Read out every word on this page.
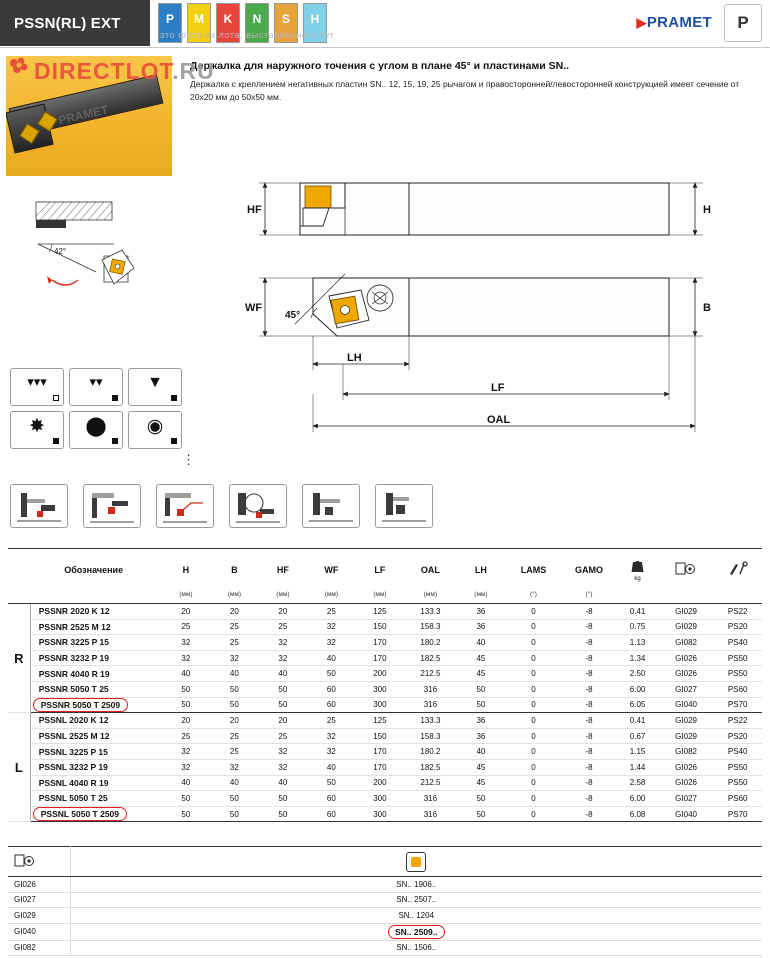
PSSN(RL) EXT	P	M	K	N	S	H	▶PRAMET	P
это фото из лота, выставленного тут
PRAMET
DIRECTLOT.RU
Держалка для наружного точения с углом в плане 45° и пластинами SN..

Держалка с креплением негативных пластин SN.. 12, 15, 19, 25 рычагом и правосторонней/левосторонней конструкцией имеет сечение от 20x20 мм до 50x50 мм.

42°
▾▾▾	▾▾	▼
✸	⬤	◉
⋮
HF	H
45°
WF	B
LH
LF
OAL
	Обозначение	H	B	HF	WF	LF	OAL	LH	LAMS	GAMO	kg

		(мм)	(мм)	(мм)	(мм)	(мм)	(мм)	(мм)	(°)	(°)			
R	PSSNR 2020 K 12	20	20	20	25	125	133.3	36	0	-8	0.41	GI029	PS22
	PSSNR 2525 M 12	25	25	25	32	150	158.3	36	0	-8	0.75	GI029	PS20
	PSSNR 3225 P 15	32	25	32	32	170	180.2	40	0	-8	1.13	GI082	PS40
	PSSNR 3232 P 19	32	32	32	40	170	182.5	45	0	-8	1.34	GI026	PS50
	PSSNR 4040 R 19	40	40	40	50	200	212.5	45	0	-8	2.50	GI026	PS50
	PSSNR 5050 T 25	50	50	50	60	300	316	50	0	-8	6.00	GI027	PS60
	PSSNR 5050 T 2509	50	50	50	60	300	316	50	0	-8	6.05	GI040	PS70
L	PSSNL 2020 K 12	20	20	20	25	125	133.3	36	0	-8	0.41	GI029	PS22
	PSSNL 2525 M 12	25	25	25	32	150	158.3	36	0	-8	0.67	GI029	PS20
	PSSNL 3225 P 15	32	25	32	32	170	180.2	40	0	-8	1.15	GI082	PS40
	PSSNL 3232 P 19	32	32	32	40	170	182.5	45	0	-8	1.44	GI026	PS50
	PSSNL 4040 R 19	40	40	40	50	200	212.5	45	0	-8	2.58	GI026	PS50
	PSSNL 5050 T 25	50	50	50	60	300	316	50	0	-8	6.00	GI027	PS60
	PSSNL 5050 T 2509	50	50	50	60	300	316	50	0	-8	6.08	GI040	PS70

GI026	SN.. 1906..
GI027	SN.. 2507..
GI029	SN.. 1204
GI040	SN.. 2509..
GI082	SN.. 1506..
